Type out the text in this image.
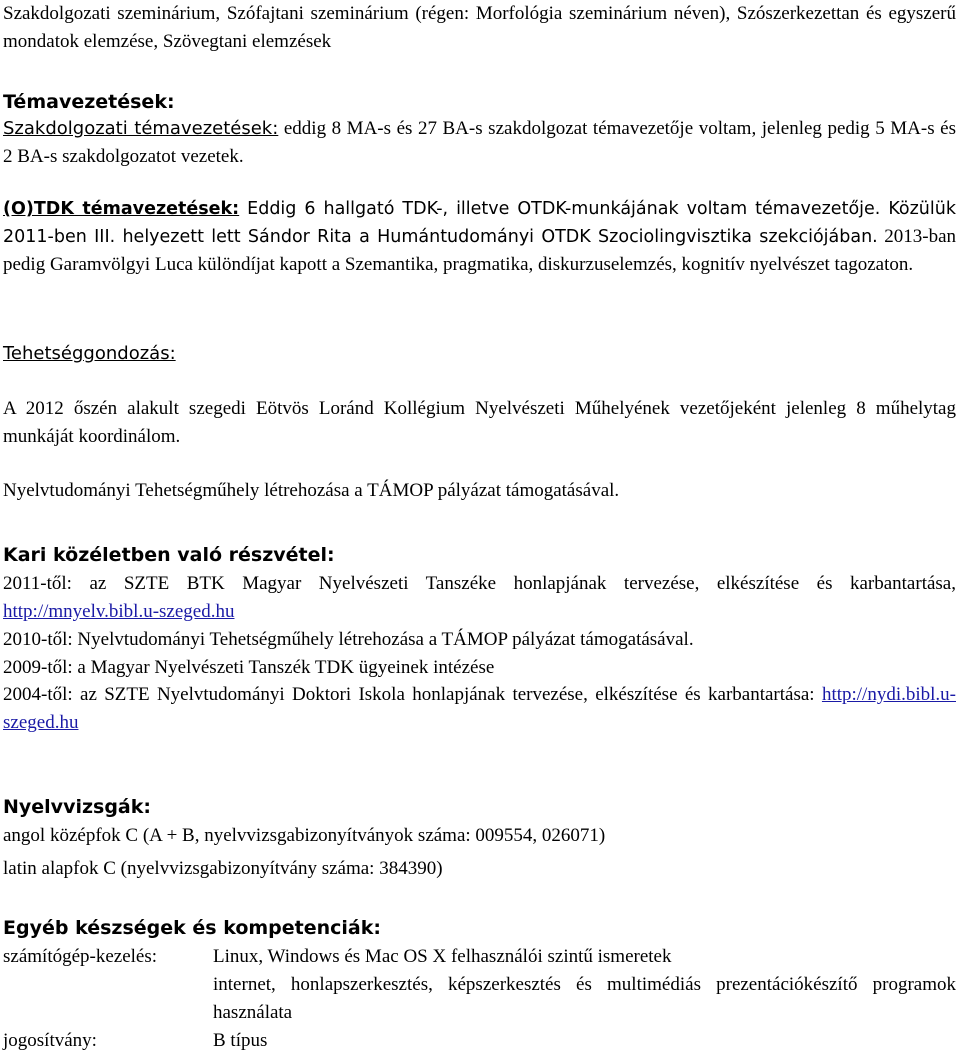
Szakdolgozati szeminárium, Szófajtani szeminárium (régen: Morfológia szeminárium néven), Szószerkezettan és egyszerű mondatok elemzése, Szövegtani elemzések

Témavezetések:

Szakdolgozati témavezetések: eddig 8 MA-s és 27 BA-s szakdolgozat témavezetője voltam, jelenleg pedig 5 MA-s és 2 BA-s szakdolgozatot vezetek.

(O)TDK témavezetések: Eddig 6 hallgató TDK-, illetve OTDK-munkájának voltam témavezetője. Közülük 2011-ben III. helyezett lett Sándor Rita a Humántudományi OTDK Szociolingvisztika szekciójában. 2013-ban pedig Garamvölgyi Luca különdíjat kapott a Szemantika, pragmatika, diskurzuselemzés, kognitív nyelvészet tagozaton.

Tehetséggondozás:

A 2012 őszén alakult szegedi Eötvös Loránd Kollégium Nyelvészeti Műhelyének vezetőjeként jelenleg 8 műhelytag munkáját koordinálom.

Nyelvtudományi Tehetségműhely létrehozása a TÁMOP pályázat támogatásával.

Kari közéletben való részvétel:

2011-től: az SZTE BTK Magyar Nyelvészeti Tanszéke honlapjának tervezése, elkészítése és karbantartása, http://mnyelv.bibl.u-szeged.hu

2010-től: Nyelvtudományi Tehetségműhely létrehozása a TÁMOP pályázat támogatásával.

2009-től: a Magyar Nyelvészeti Tanszék TDK ügyeinek intézése

2004-től: az SZTE Nyelvtudományi Doktori Iskola honlapjának tervezése, elkészítése és karbantartása: http://nydi.bibl.u-szeged.hu

Nyelvvizsgák:

angol középfok C (A + B, nyelvvizsgabizonyítványok száma: 009554, 026071)

latin alapfok C (nyelvvizsgabizonyítvány száma: 384390)

Egyéb készségek és kompetenciák:

számítógép-kezelés:	Linux, Windows és Mac OS X felhasználói szintű ismeretek
internet, honlapszerkesztés, képszerkesztés és multimédiás prezentációkészítő programok használata
jogosítvány:	B típus
